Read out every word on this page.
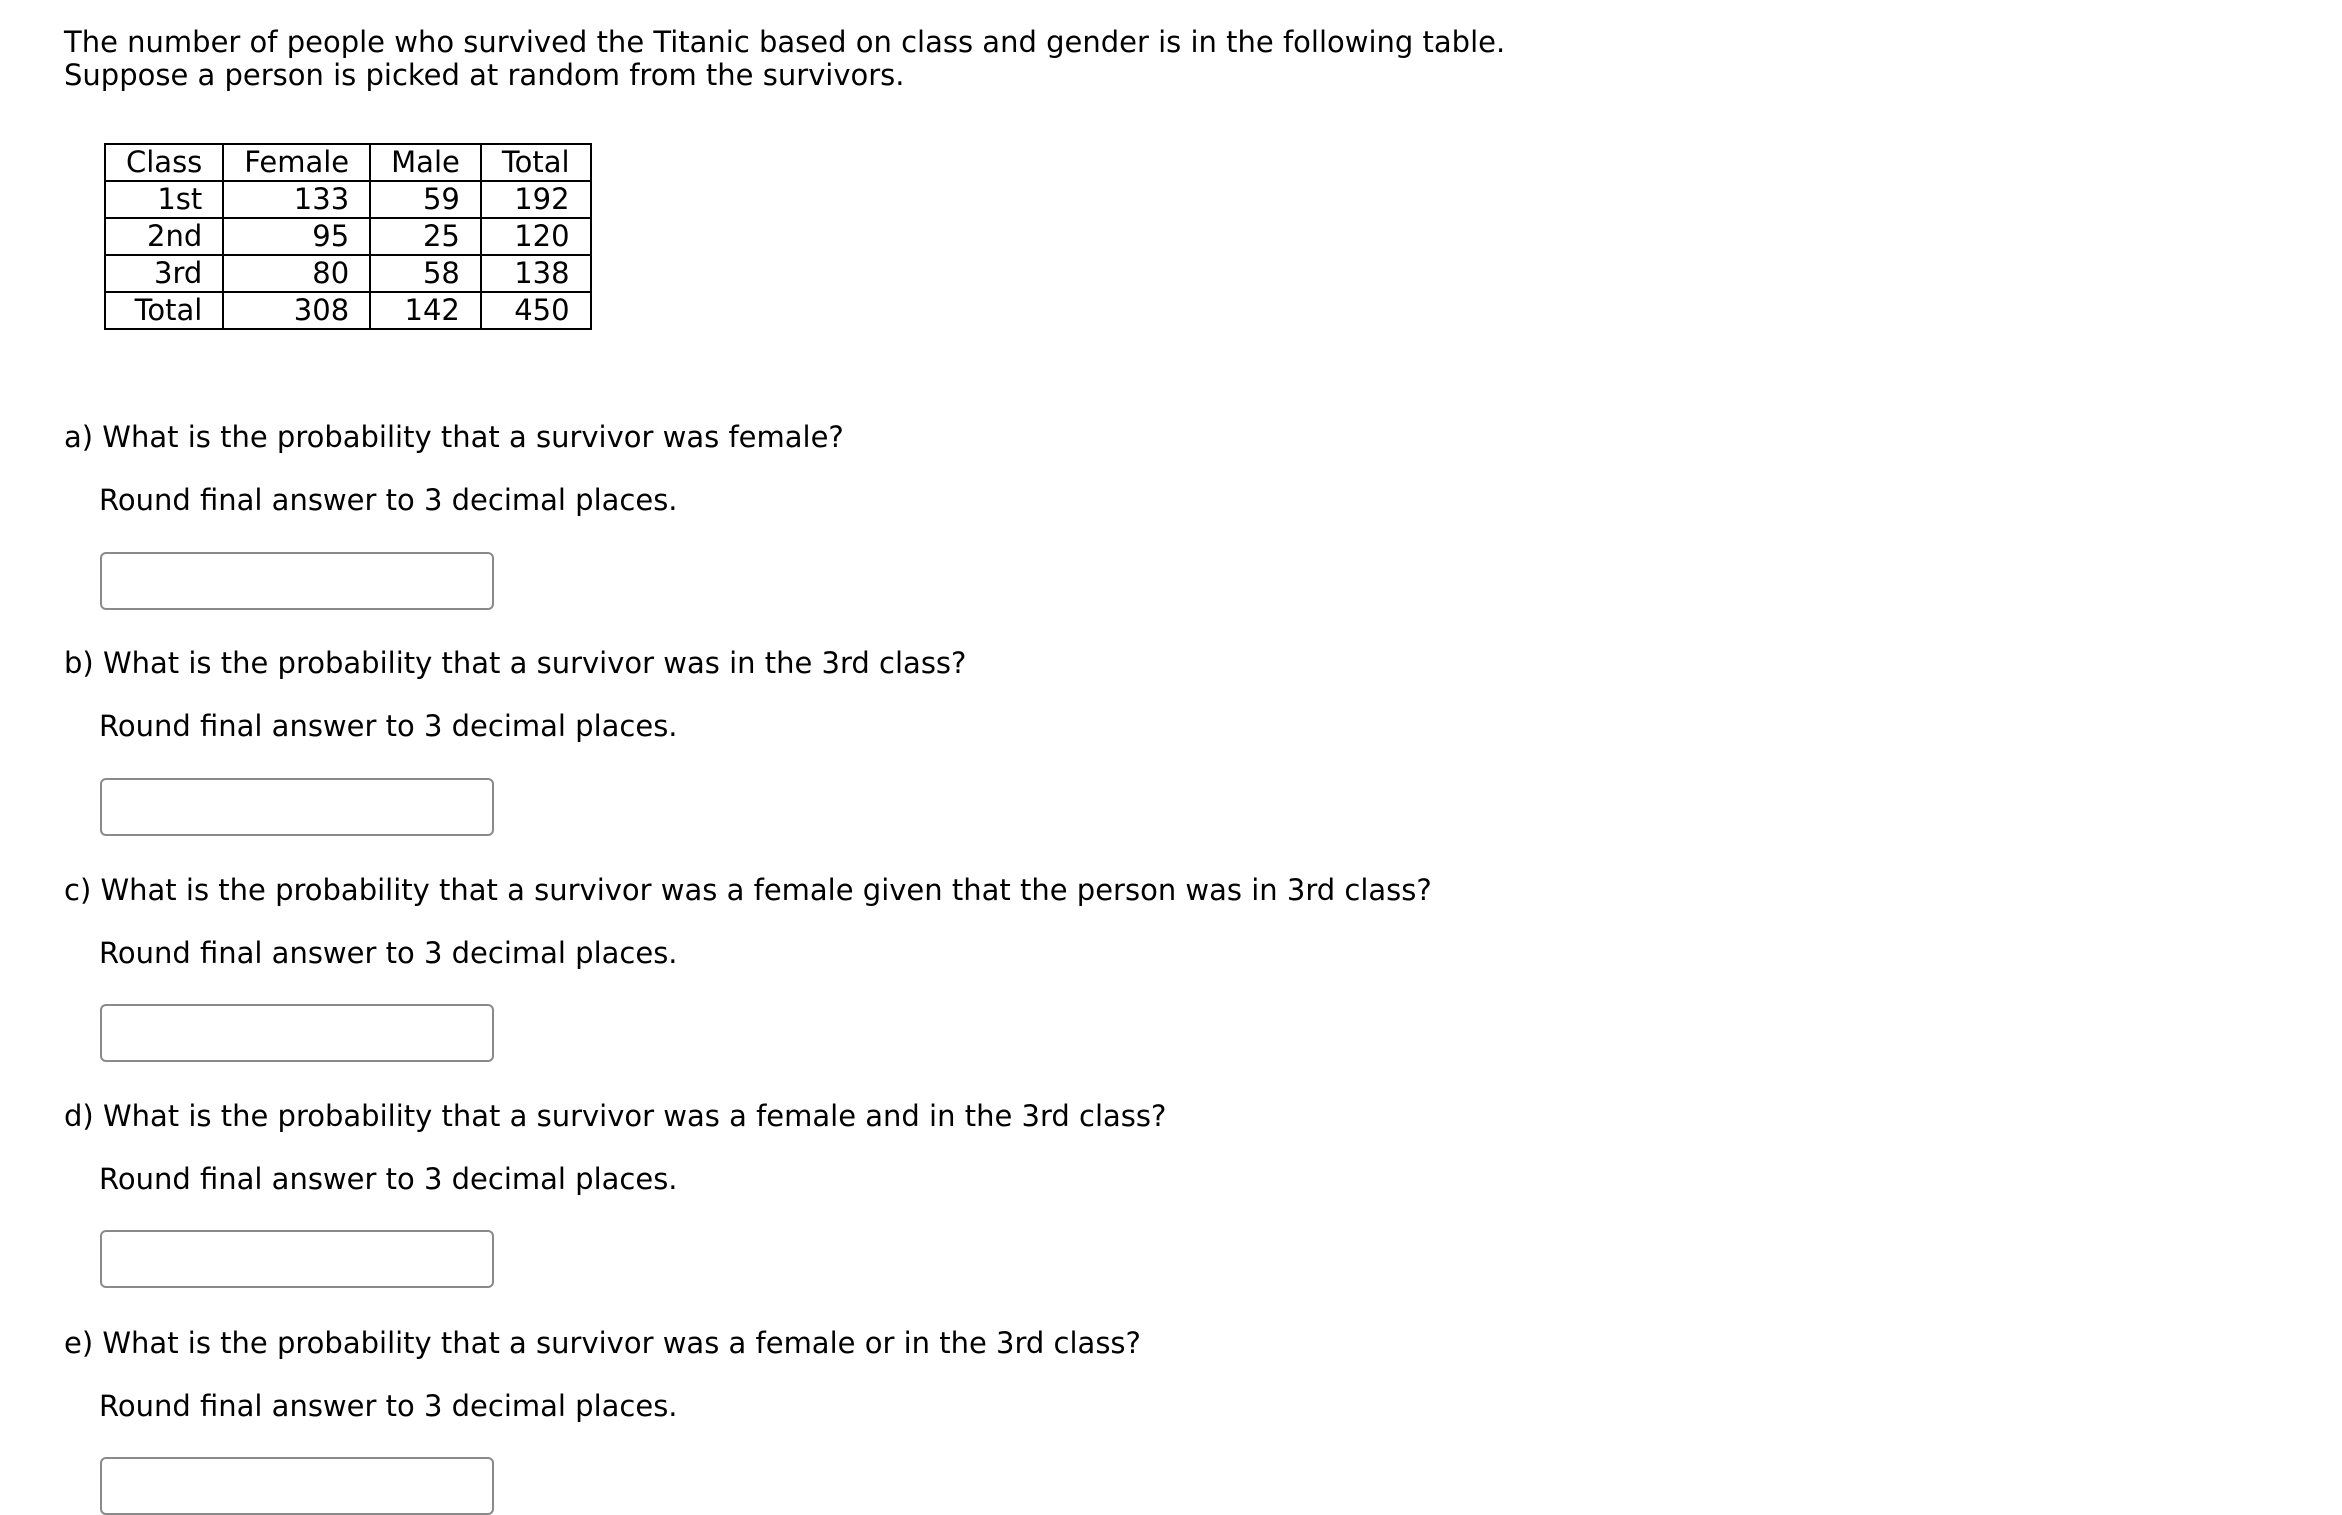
The number of people who survived the Titanic based on class and gender is in the following table. Suppose a person is picked at random from the survivors.

Class	Female	Male	Total
1st	133	59	192
2nd	95	25	120
3rd	80	58	138
Total	308	142	450

a) What is the probability that a survivor was female?

Round final answer to 3 decimal places.

b) What is the probability that a survivor was in the 3rd class?

Round final answer to 3 decimal places.

c) What is the probability that a survivor was a female given that the person was in 3rd class?

Round final answer to 3 decimal places.

d) What is the probability that a survivor was a female and in the 3rd class?

Round final answer to 3 decimal places.

e) What is the probability that a survivor was a female or in the 3rd class?

Round final answer to 3 decimal places.
